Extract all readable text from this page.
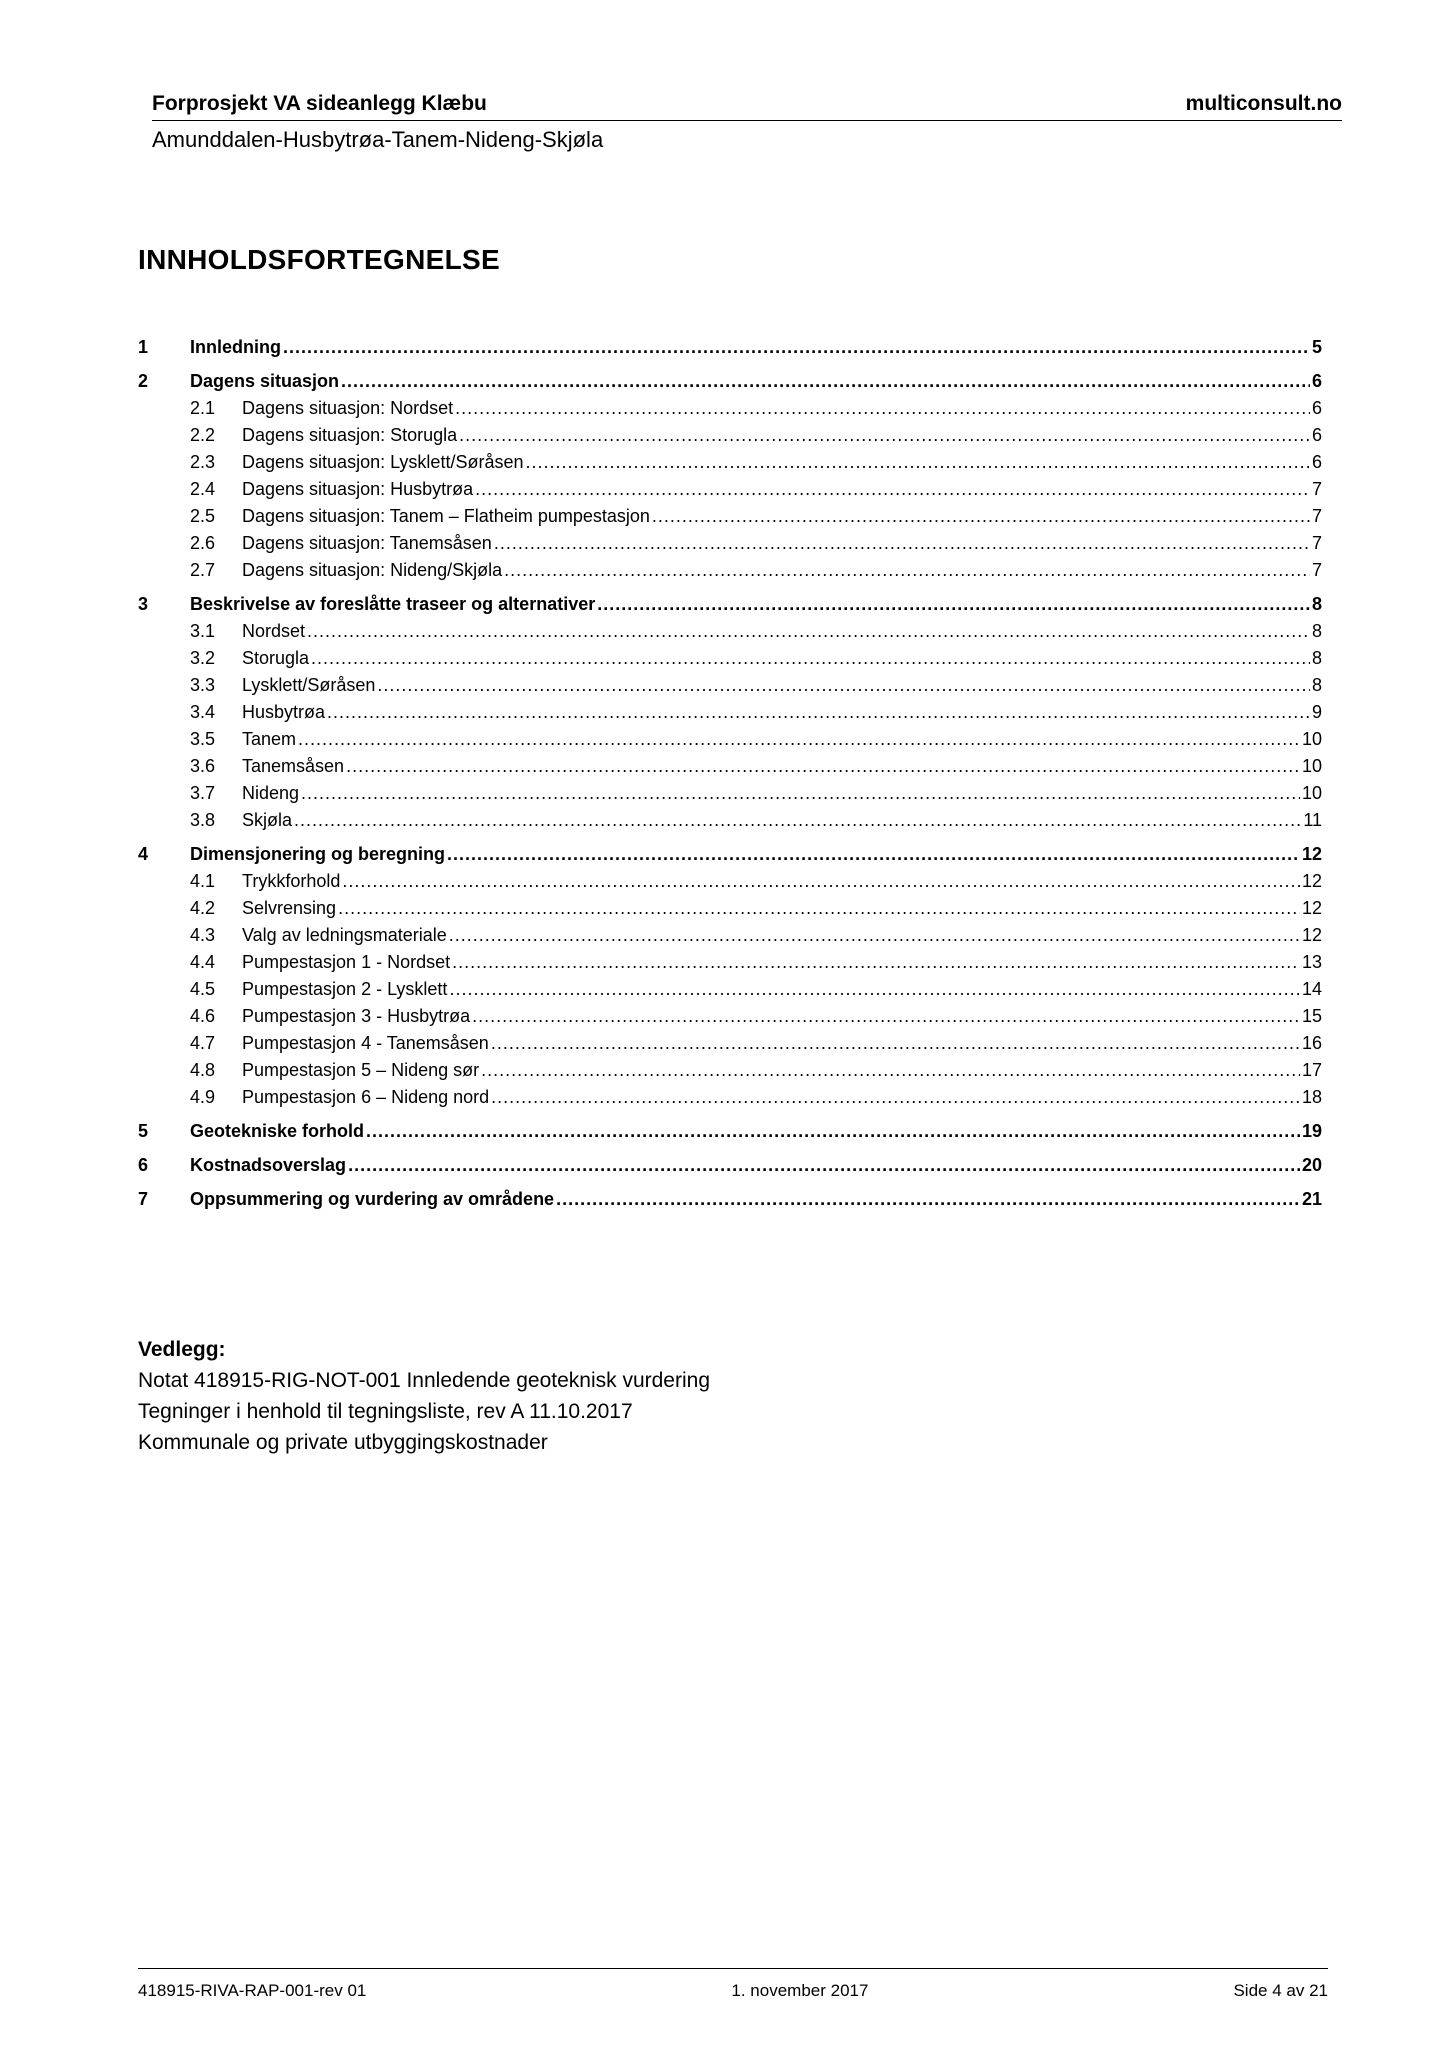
Forprosjekt VA sideanlegg Klæbu	multiconsult.no
Amunddalen-Husbytrøa-Tanem-Nideng-Skjøla
INNHOLDSFORTEGNELSE
1	Innledning .....	5
2	Dagens situasjon .....	6
2.1	Dagens situasjon: Nordset .....	6
2.2	Dagens situasjon: Storugla .....	6
2.3	Dagens situasjon: Lysklett/Søråsen .....	6
2.4	Dagens situasjon: Husbytrøa .....	7
2.5	Dagens situasjon: Tanem – Flatheim pumpestasjon .....	7
2.6	Dagens situasjon: Tanemsåsen .....	7
2.7	Dagens situasjon: Nideng/Skjøla .....	7
3	Beskrivelse av foreslåtte traseer og alternativer .....	8
3.1	Nordset .....	8
3.2	Storugla .....	8
3.3	Lysklett/Søråsen .....	8
3.4	Husbytrøa .....	9
3.5	Tanem .....	10
3.6	Tanemsåsen .....	10
3.7	Nideng .....	10
3.8	Skjøla .....	11
4	Dimensjonering og beregning .....	12
4.1	Trykkforhold .....	12
4.2	Selvrensing .....	12
4.3	Valg av ledningsmateriale .....	12
4.4	Pumpestasjon 1 - Nordset .....	13
4.5	Pumpestasjon 2 - Lysklett .....	14
4.6	Pumpestasjon 3 - Husbytrøa .....	15
4.7	Pumpestasjon 4 - Tanemsåsen .....	16
4.8	Pumpestasjon 5 – Nideng sør .....	17
4.9	Pumpestasjon 6 – Nideng nord .....	18
5	Geotekniske forhold .....	19
6	Kostnadsoverslag .....	20
7	Oppsummering og vurdering av områdene .....	21
Vedlegg:
Notat 418915-RIG-NOT-001 Innledende geoteknisk vurdering
Tegninger i henhold til tegningsliste, rev A 11.10.2017
Kommunale og private utbyggingskostnader
418915-RIVA-RAP-001-rev 01	1. november 2017	Side 4 av 21
